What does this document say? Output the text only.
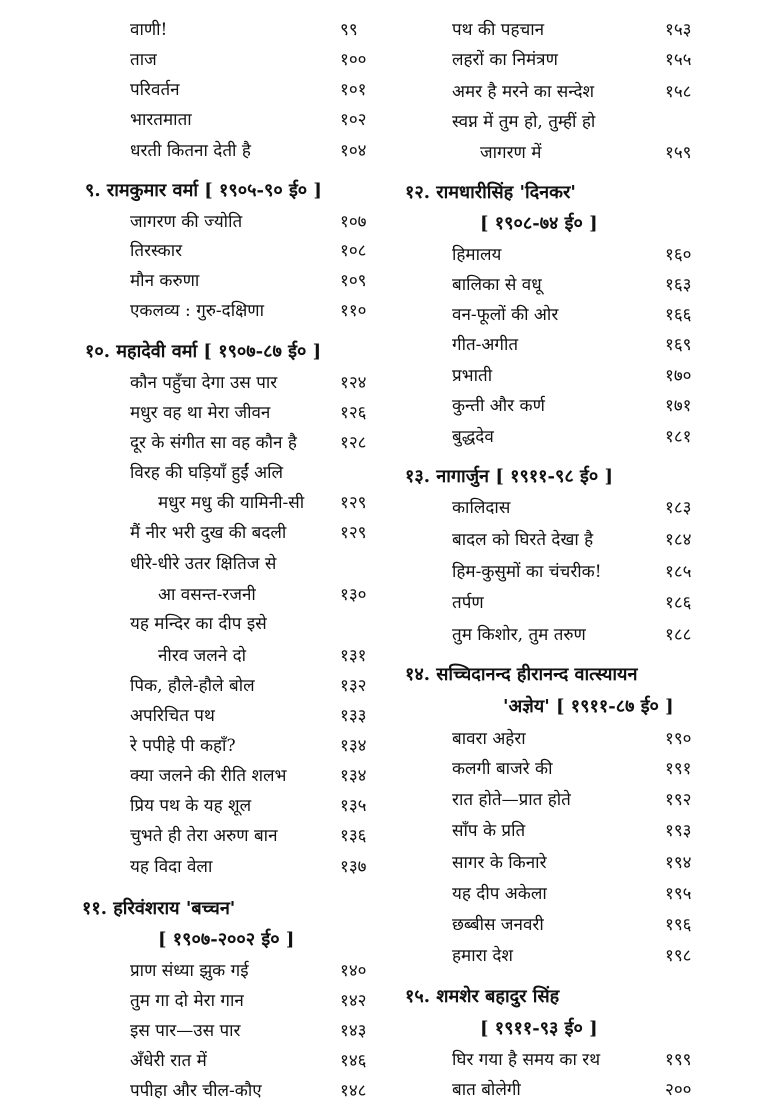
वाणी!	९९
ताज	१००
परिवर्तन	१०१
भारतमाता	१०२
धरती कितना देती है	१०४
९. रामकुमार वर्मा [ १९०५-९० ई० ]
जागरण की ज्योति	१०७
तिरस्कार	१०८
मौन करुणा	१०९
एकलव्य : गुरु-दक्षिणा	११०
१०. महादेवी वर्मा [ १९०७-८७ ई० ]
कौन पहुँचा देगा उस पार	१२४
मधुर वह था मेरा जीवन	१२६
दूर के संगीत सा वह कौन है	१२८
विरह की घड़ियाँ हुईं अलि
मधुर मधु की यामिनी-सी १२९
मैं नीर भरी दुख की बदली	१२९
धीरे-धीरे उतर क्षितिज से
आ वसन्त-रजनी	१३०
यह मन्दिर का दीप इसे
नीरव जलने दो	१३१
पिक, हौले-हौले बोल	१३२
अपरिचित पथ	१३३
रे पपीहे पी कहाँ?	१३४
क्या जलने की रीति शलभ	१३४
प्रिय पथ के यह शूल	१३५
चुभते ही तेरा अरुण बान	१३६
यह विदा वेला	१३७
११. हरिवंशराय 'बच्चन'
[ १९०७-२००२ ई० ]
प्राण संध्या झुक गई	१४०
तुम गा दो मेरा गान	१४२
इस पार—उस पार	१४३
अँधेरी रात में	१४६
पपीहा और चील-कौए	१४८
पथ की पहचान	१५३
लहरों का निमंत्रण	१५५
अमर है मरने का सन्देश	१५८
स्वप्न में तुम हो, तुम्हीं हो
जागरण में	१५९
१२. रामधारीसिंह 'दिनकर'
[ १९०८-७४ ई० ]
हिमालय	१६०
बालिका से वधू	१६३
वन-फूलों की ओर	१६६
गीत-अगीत	१६९
प्रभाती	१७०
कुन्ती और कर्ण	१७१
बुद्धदेव	१८१
१३. नागार्जुन [ १९११-९८ ई० ]
कालिदास	१८३
बादल को घिरते देखा है	१८४
हिम-कुसुमों का चंचरीक!	१८५
तर्पण	१८६
तुम किशोर, तुम तरुण	१८८
१४. सच्चिदानन्द हीरानन्द वात्स्यायन
'अज्ञेय' [ १९११-८७ ई० ]
बावरा अहेरा	१९०
कलगी बाजरे की	१९१
रात होते—प्रात होते	१९२
साँप के प्रति	१९३
सागर के किनारे	१९४
यह दीप अकेला	१९५
छब्बीस जनवरी	१९६
हमारा देश	१९८
१५. शमशेर बहादुर सिंह
[ १९११-९३ ई० ]
घिर गया है समय का रथ	१९९
बात बोलेगी	२००
